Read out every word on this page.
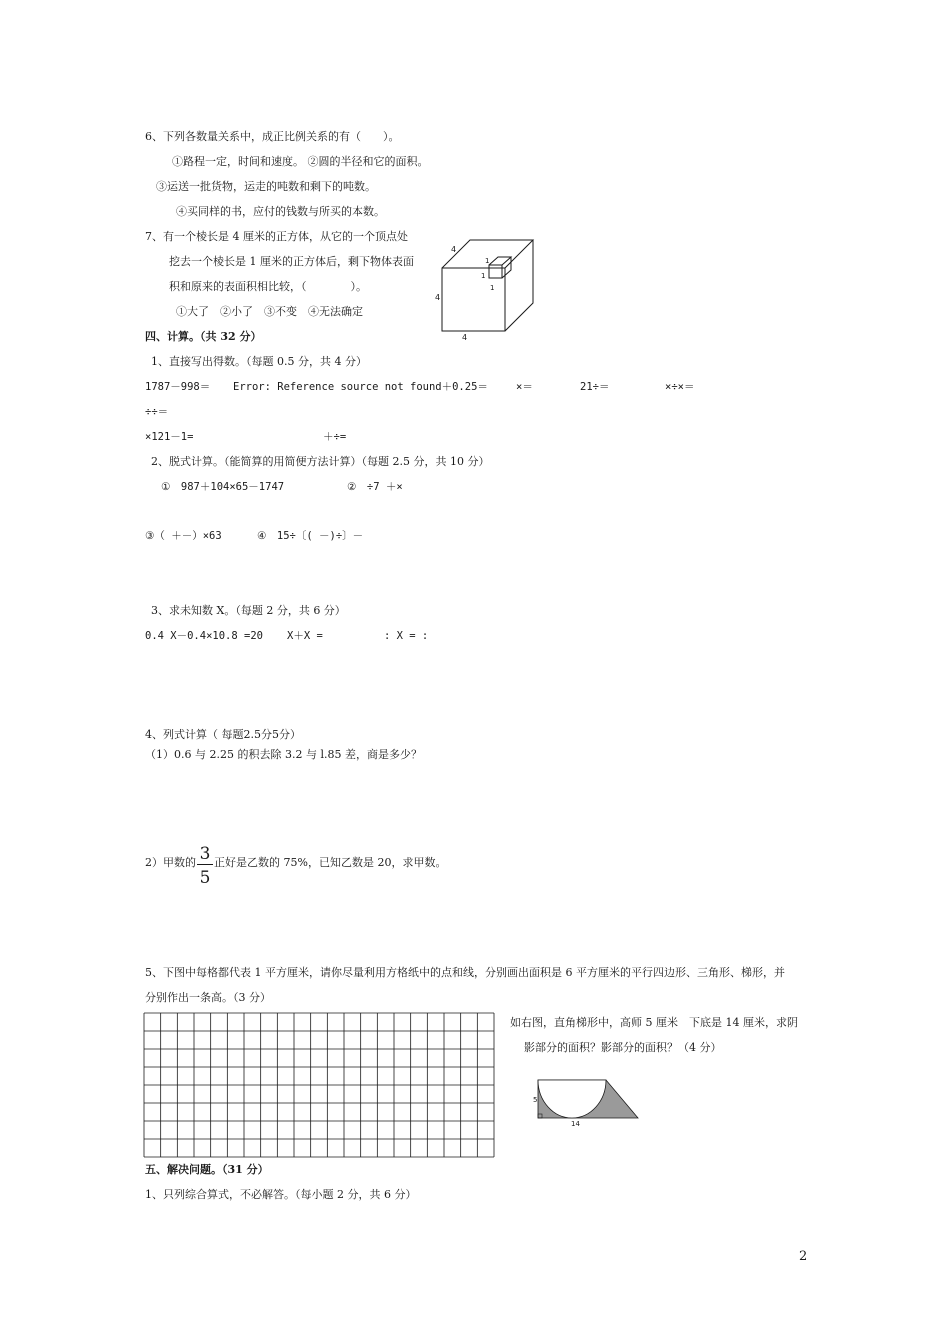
6、下列各数量关系中，成正比例关系的有（　　）。
①路程一定，时间和速度。 ②圆的半径和它的面积。
③运送一批货物，运走的吨数和剩下的吨数。
④买同样的书，应付的钱数与所买的本数。
7、有一个棱长是 4 厘米的正方体，从它的一个顶点处
挖去一个棱长是 1 厘米的正方体后，剩下物体表面
积和原来的表面积相比较，（　　　　）。
①大了　②小了　③不变　④无法确定
4
4
4
1
1
1
四、计算。（共 32 分）
1、直接写出得数。（每题 0.5 分，共 4 分）
1787－998＝ Error: Reference source not found＋0.25＝	×＝	21÷＝	×÷×＝
÷÷＝
×121－1=	＋÷=
2、脱式计算。（能简算的用简便方法计算）（每题 2.5 分，共 10 分）
①　987＋104×65－1747	②　÷7 ＋×
③（ ＋－）×63	④　15÷〔( －)÷〕－
3、求未知数 X。（每题 2 分，共 6 分）
0.4 X－0.4×10.8 =20 X＋X =	: X = :
4、列式计算（ 每题2.5分5分）
（1）0.6 与 2.25 的积去除 3.2 与 l.85 差，商是多少？
2）甲数的 3
5
正好是乙数的 75%，已知乙数是 20，求甲数。
5、下图中每格都代表 1 平方厘米，请你尽量利用方格纸中的点和线，分别画出面积是 6 平方厘米的平行四边形、三角形、梯形，并
分别作出一条高。（3 分）
如右图，直角梯形中，高师 5 厘米　下底是 14 厘米，求阴
影部分的面积？影部分的面积？（4 分）
5
14
五、解决问题。（31 分）
1、只列综合算式，不必解答。（每小题 2 分，共 6 分）
2
